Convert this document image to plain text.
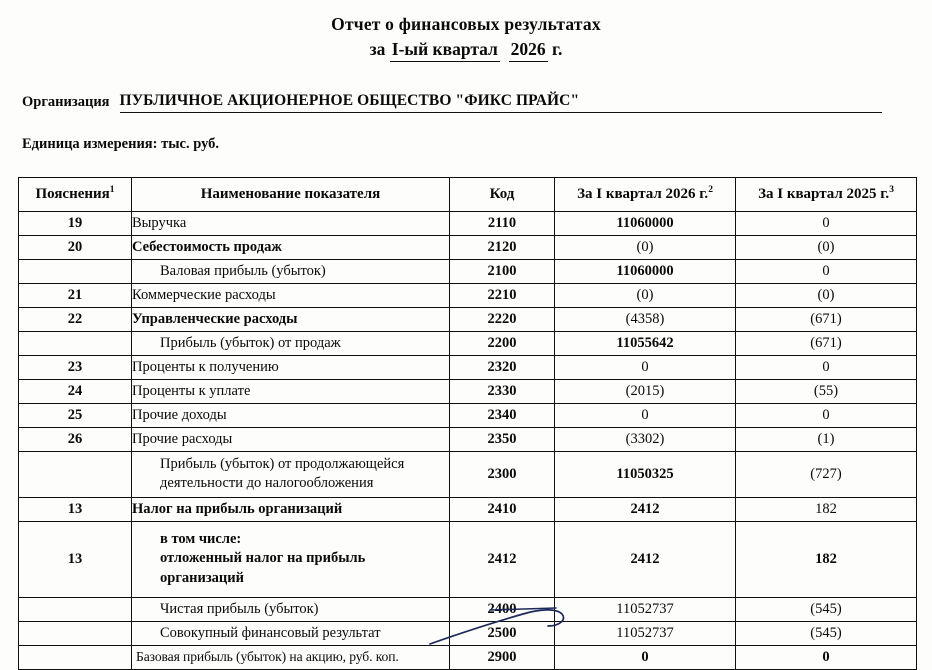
Отчет о финансовых результатах
за I-ый квартал 2026 г.
Организация ПУБЛИЧНОЕ АКЦИОНЕРНОЕ ОБЩЕСТВО "ФИКС ПРАЙС"
Единица измерения: тыс. руб.
Пояснения$^1$	Наименование показателя	Код	За I квартал 2026 г.$^2$	За I квартал 2025 г.$^3$
19	Выручка	2110	11060000	0
20	Себестоимость продаж	2120	(0)	(0)
	Валовая прибыль (убыток)	2100	11060000	0
21	Коммерческие расходы	2210	(0)	(0)
22	Управленческие расходы	2220	(4358)	(671)
	Прибыль (убыток) от продаж	2200	11055642	(671)
23	Проценты к получению	2320	0	0
24	Проценты к уплате	2330	(2015)	(55)
25	Прочие доходы	2340	0	0
26	Прочие расходы	2350	(3302)	(1)

	Прибыль (убыток) от продолжающейся
деятельности до налогообложения	2300	11050325	(727)
13	Налог на прибыль организаций	2410	2412	182
13	в том числе:
отложенный налог на прибыль
организаций	2412	2412	182
	Чистая прибыль (убыток)	2400	11052737	(545)
	Совокупный финансовый результат	2500	11052737	(545)
	Базовая прибыль (убыток) на акцию, руб. коп.	2900	0	0
